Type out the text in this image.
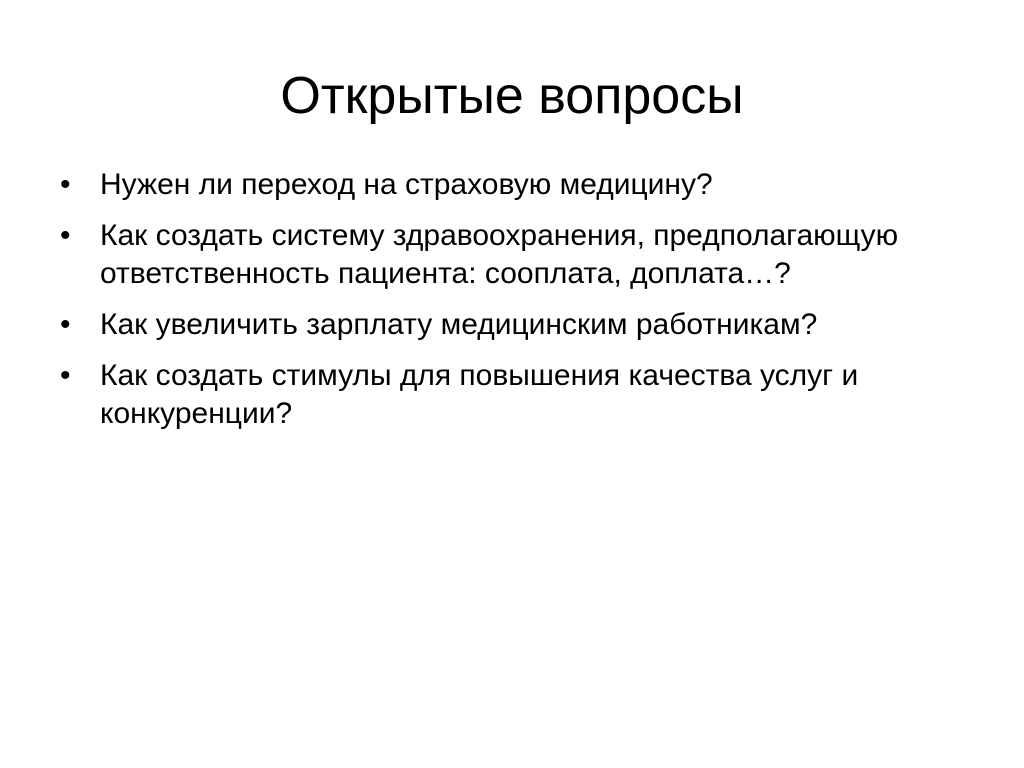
Открытые вопросы
• Нужен ли переход на страховую медицину?
• Как создать систему здравоохранения, предполагающую ответственность пациента: сооплата, доплата…?
• Как увеличить зарплату медицинским работникам?
• Как создать стимулы для повышения качества услуг и конкуренции?
